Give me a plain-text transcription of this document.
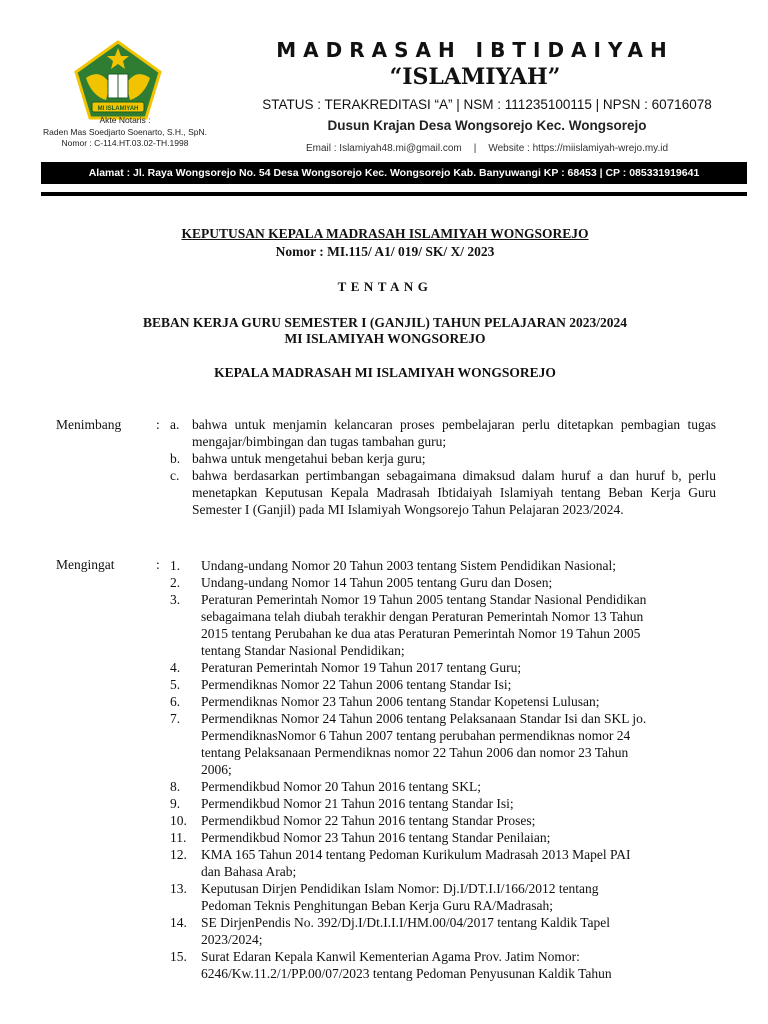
MI ISLAMIYAH
Akte Notaris :
Raden Mas Soedjarto Soenarto, S.H., SpN.
Nomor : C-114.HT.03.02-TH.1998
MADRASAH IBTIDAIYAH
“ISLAMIYAH”
STATUS : TERAKREDITASI “A” | NSM : 111235100115 | NPSN : 60716078
Dusun Krajan Desa Wongsorejo Kec. Wongsorejo
Email : Islamiyah48.mi@gmail.com | Website : https://miislamiyah-wrejo.my.id
Alamat : Jl. Raya Wongsorejo No. 54 Desa Wongsorejo Kec. Wongsorejo Kab. Banyuwangi KP : 68453 | CP : 085331919641
KEPUTUSAN KEPALA MADRASAH ISLAMIYAH WONGSOREJO
Nomor : MI.115/ A1/ 019/ SK/ X/ 2023
TENTANG
BEBAN KERJA GURU SEMESTER I (GANJIL) TAHUN PELAJARAN 2023/2024
MI ISLAMIYAH WONGSOREJO
KEPALA MADRASAH MI ISLAMIYAH WONGSOREJO
Menimbang	: a. bahwa untuk menjamin kelancaran proses pembelajaran perlu ditetapkan pembagian tugas mengajar/bimbingan dan tugas tambahan guru;
b. bahwa untuk mengetahui beban kerja guru;
c. bahwa berdasarkan pertimbangan sebagaimana dimaksud dalam huruf a dan huruf b, perlu menetapkan Keputusan Kepala Madrasah Ibtidaiyah Islamiyah tentang Beban Kerja Guru Semester I (Ganjil) pada MI Islamiyah Wongsorejo Tahun Pelajaran 2023/2024.
Mengingat	: 1.	Undang-undang Nomor 20 Tahun 2003 tentang Sistem Pendidikan Nasional;
2.	Undang-undang Nomor 14 Tahun 2005 tentang Guru dan Dosen;
3.	Peraturan Pemerintah Nomor 19 Tahun 2005 tentang Standar Nasional Pendidikan
sebagaimana telah diubah terakhir dengan Peraturan Pemerintah Nomor 13 Tahun
2015 tentang Perubahan ke dua atas Peraturan Pemerintah Nomor 19 Tahun 2005
tentang Standar Nasional Pendidikan;
4.	Peraturan Pemerintah Nomor 19 Tahun 2017 tentang Guru;
5.	Permendiknas Nomor 22 Tahun 2006 tentang Standar Isi;
6.	Permendiknas Nomor 23 Tahun 2006 tentang Standar Kopetensi Lulusan;
7.	Permendiknas Nomor 24 Tahun 2006 tentang Pelaksanaan Standar Isi dan SKL jo.
PermendiknasNomor 6 Tahun 2007 tentang perubahan permendiknas nomor 24
tentang Pelaksanaan Permendiknas nomor 22 Tahun 2006 dan nomor 23 Tahun
2006;
8.	Permendikbud Nomor 20 Tahun 2016 tentang SKL;
9.	Permendikbud Nomor 21 Tahun 2016 tentang Standar Isi;
10.	Permendikbud Nomor 22 Tahun 2016 tentang Standar Proses;
11.	Permendikbud Nomor 23 Tahun 2016 tentang Standar Penilaian;
12.	KMA 165 Tahun 2014 tentang Pedoman Kurikulum Madrasah 2013 Mapel PAI
dan Bahasa Arab;
13.	Keputusan Dirjen Pendidikan Islam Nomor: Dj.I/DT.I.I/166/2012 tentang
Pedoman Teknis Penghitungan Beban Kerja Guru RA/Madrasah;
14.	SE DirjenPendis No. 392/Dj.I/Dt.I.I.I/HM.00/04/2017 tentang Kaldik Tapel
2023/2024;
15.	Surat Edaran Kepala Kanwil Kementerian Agama Prov. Jatim Nomor:
6246/Kw.11.2/1/PP.00/07/2023 tentang Pedoman Penyusunan Kaldik Tahun
